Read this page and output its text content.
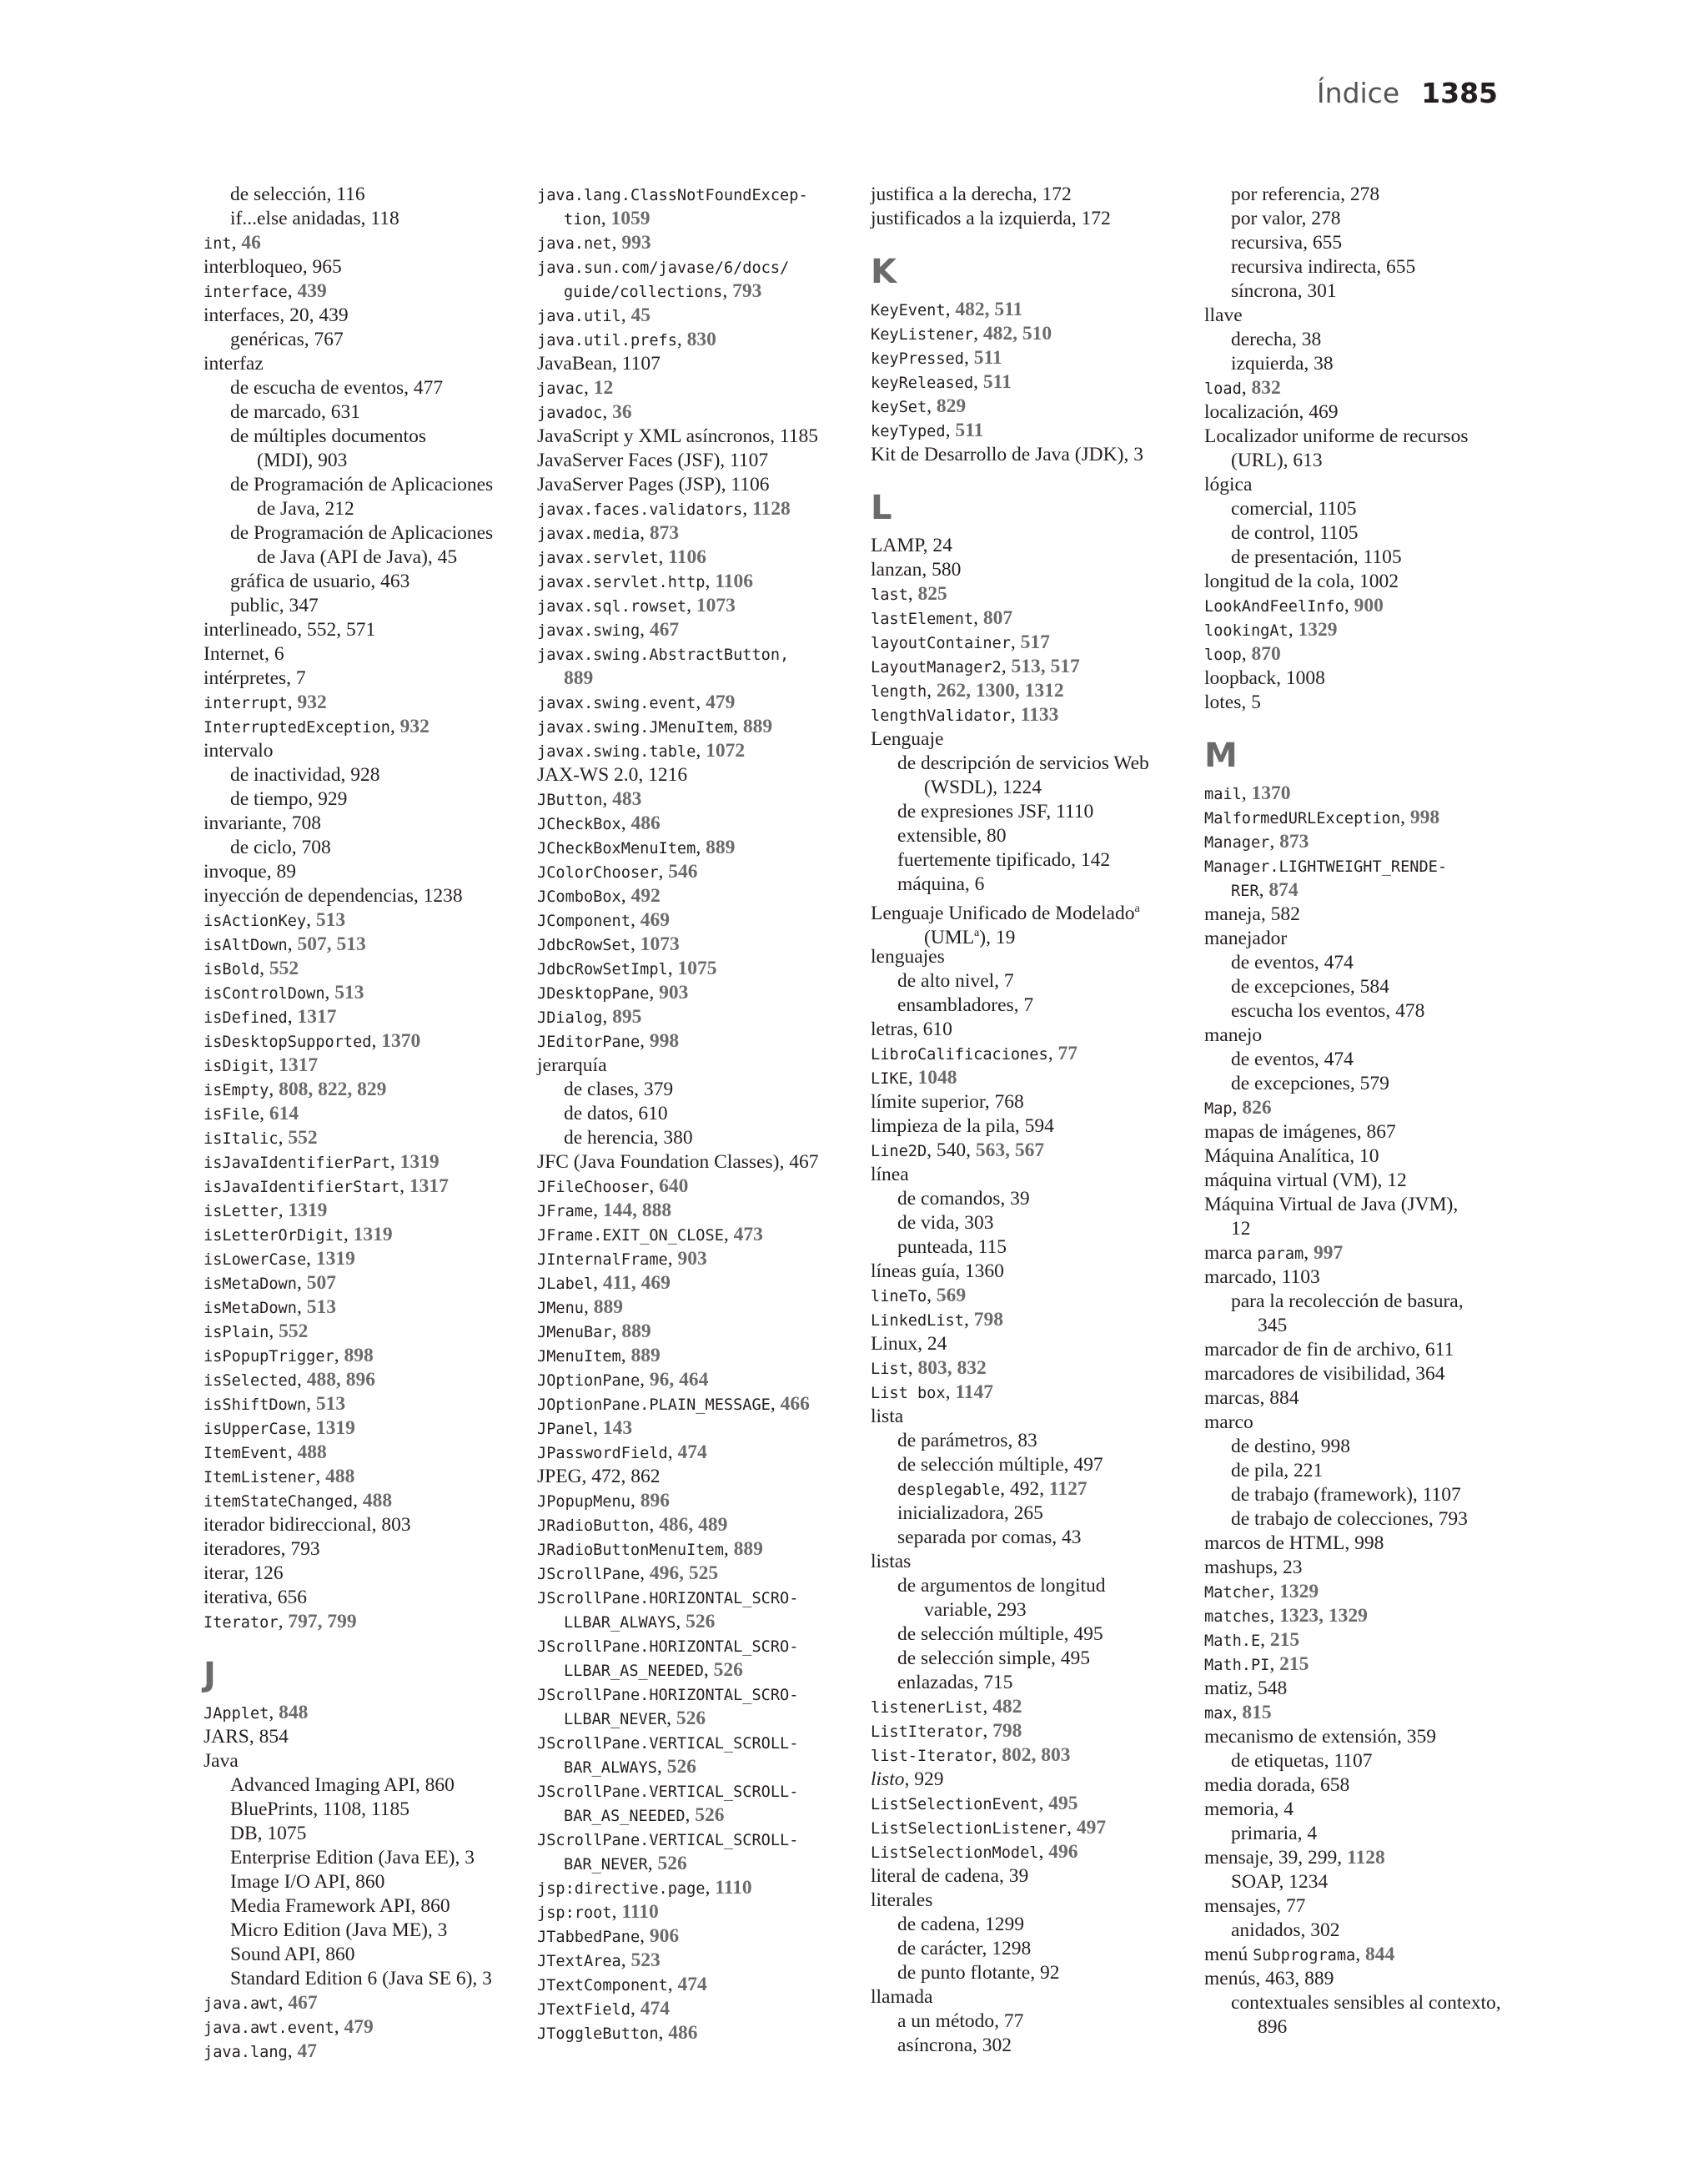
Índice 1385
de selección, 116
if...else anidadas, 118
int, 46
interbloqueo, 965
interface, 439
interfaces, 20, 439
genéricas, 767
interfaz
de escucha de eventos, 477
de marcado, 631
de múltiples documentos
(MDI), 903
de Programación de Aplicaciones
de Java, 212
de Programación de Aplicaciones
de Java (API de Java), 45
gráfica de usuario, 463
public, 347
interlineado, 552, 571
Internet, 6
intérpretes, 7
interrupt, 932
InterruptedException, 932
intervalo
de inactividad, 928
de tiempo, 929
invariante, 708
de ciclo, 708
invoque, 89
inyección de dependencias, 1238
isActionKey, 513
isAltDown, 507, 513
isBold, 552
isControlDown, 513
isDefined, 1317
isDesktopSupported, 1370
isDigit, 1317
isEmpty, 808, 822, 829
isFile, 614
isItalic, 552
isJavaIdentifierPart, 1319
isJavaIdentifierStart, 1317
isLetter, 1319
isLetterOrDigit, 1319
isLowerCase, 1319
isMetaDown, 507
isMetaDown, 513
isPlain, 552
isPopupTrigger, 898
isSelected, 488, 896
isShiftDown, 513
isUpperCase, 1319
ItemEvent, 488
ItemListener, 488
itemStateChanged, 488
iterador bidireccional, 803
iteradores, 793
iterar, 126
iterativa, 656
Iterator, 797, 799
J
JApplet, 848
JARS, 854
Java
Advanced Imaging API, 860
BluePrints, 1108, 1185
DB, 1075
Enterprise Edition (Java EE), 3
Image I/O API, 860
Media Framework API, 860
Micro Edition (Java ME), 3
Sound API, 860
Standard Edition 6 (Java SE 6), 3
java.awt, 467
java.awt.event, 479
java.lang, 47
java.lang.ClassNotFoundExcep-
tion, 1059
java.net, 993
java.sun.com/javase/6/docs/
guide/collections, 793
java.util, 45
java.util.prefs, 830
JavaBean, 1107
javac, 12
javadoc, 36
JavaScript y XML asíncronos, 1185
JavaServer Faces (JSF), 1107
JavaServer Pages (JSP), 1106
javax.faces.validators, 1128
javax.media, 873
javax.servlet, 1106
javax.servlet.http, 1106
javax.sql.rowset, 1073
javax.swing, 467
javax.swing.AbstractButton,
889
javax.swing.event, 479
javax.swing.JMenuItem, 889
javax.swing.table, 1072
JAX-WS 2.0, 1216
JButton, 483
JCheckBox, 486
JCheckBoxMenuItem, 889
JColorChooser, 546
JComboBox, 492
JComponent, 469
JdbcRowSet, 1073
JdbcRowSetImpl, 1075
JDesktopPane, 903
JDialog, 895
JEditorPane, 998
jerarquía
de clases, 379
de datos, 610
de herencia, 380
JFC (Java Foundation Classes), 467
JFileChooser, 640
JFrame, 144, 888
JFrame.EXIT_ON_CLOSE, 473
JInternalFrame, 903
JLabel, 411, 469
JMenu, 889
JMenuBar, 889
JMenuItem, 889
JOptionPane, 96, 464
JOptionPane.PLAIN_MESSAGE, 466
JPanel, 143
JPasswordField, 474
JPEG, 472, 862
JPopupMenu, 896
JRadioButton, 486, 489
JRadioButtonMenuItem, 889
JScrollPane, 496, 525
JScrollPane.HORIZONTAL_SCRO-
LLBAR_ALWAYS, 526
JScrollPane.HORIZONTAL_SCRO-
LLBAR_AS_NEEDED, 526
JScrollPane.HORIZONTAL_SCRO-
LLBAR_NEVER, 526
JScrollPane.VERTICAL_SCROLL-
BAR_ALWAYS, 526
JScrollPane.VERTICAL_SCROLL-
BAR_AS_NEEDED, 526
JScrollPane.VERTICAL_SCROLL-
BAR_NEVER, 526
jsp:directive.page, 1110
jsp:root, 1110
JTabbedPane, 906
JTextArea, 523
JTextComponent, 474
JTextField, 474
JToggleButton, 486
justifica a la derecha, 172
justificados a la izquierda, 172
K
KeyEvent, 482, 511
KeyListener, 482, 510
keyPressed, 511
keyReleased, 511
keySet, 829
keyTyped, 511
Kit de Desarrollo de Java (JDK), 3
L
LAMP, 24
lanzan, 580
last, 825
lastElement, 807
layoutContainer, 517
LayoutManager2, 513, 517
length, 262, 1300, 1312
lengthValidator, 1133
Lenguaje
de descripción de servicios Web
(WSDL), 1224
de expresiones JSF, 1110
extensible, 80
fuertemente tipificado, 142
máquina, 6
Lenguaje Unificado de Modelado$^a$
(UML$^a$), 19
lenguajes
de alto nivel, 7
ensambladores, 7
letras, 610
LibroCalificaciones, 77
LIKE, 1048
límite superior, 768
limpieza de la pila, 594
Line2D, 540, 563, 567
línea
de comandos, 39
de vida, 303
punteada, 115
líneas guía, 1360
lineTo, 569
LinkedList, 798
Linux, 24
List, 803, 832
List box, 1147
lista
de parámetros, 83
de selección múltiple, 497
desplegable, 492, 1127
inicializadora, 265
separada por comas, 43
listas
de argumentos de longitud
variable, 293
de selección múltiple, 495
de selección simple, 495
enlazadas, 715
listenerList, 482
ListIterator, 798
list-Iterator, 802, 803
listo, 929
ListSelectionEvent, 495
ListSelectionListener, 497
ListSelectionModel, 496
literal de cadena, 39
literales
de cadena, 1299
de carácter, 1298
de punto flotante, 92
llamada
a un método, 77
asíncrona, 302
por referencia, 278
por valor, 278
recursiva, 655
recursiva indirecta, 655
síncrona, 301
llave
derecha, 38
izquierda, 38
load, 832
localización, 469
Localizador uniforme de recursos
(URL), 613
lógica
comercial, 1105
de control, 1105
de presentación, 1105
longitud de la cola, 1002
LookAndFeelInfo, 900
lookingAt, 1329
loop, 870
loopback, 1008
lotes, 5
M
mail, 1370
MalformedURLException, 998
Manager, 873
Manager.LIGHTWEIGHT_RENDE-
RER, 874
maneja, 582
manejador
de eventos, 474
de excepciones, 584
escucha los eventos, 478
manejo
de eventos, 474
de excepciones, 579
Map, 826
mapas de imágenes, 867
Máquina Analítica, 10
máquina virtual (VM), 12
Máquina Virtual de Java (JVM),
12
marca param, 997
marcado, 1103
para la recolección de basura,
345
marcador de fin de archivo, 611
marcadores de visibilidad, 364
marcas, 884
marco
de destino, 998
de pila, 221
de trabajo (framework), 1107
de trabajo de colecciones, 793
marcos de HTML, 998
mashups, 23
Matcher, 1329
matches, 1323, 1329
Math.E, 215
Math.PI, 215
matiz, 548
max, 815
mecanismo de extensión, 359
de etiquetas, 1107
media dorada, 658
memoria, 4
primaria, 4
mensaje, 39, 299, 1128
SOAP, 1234
mensajes, 77
anidados, 302
menú Subprograma, 844
menús, 463, 889
contextuales sensibles al contexto,
896
